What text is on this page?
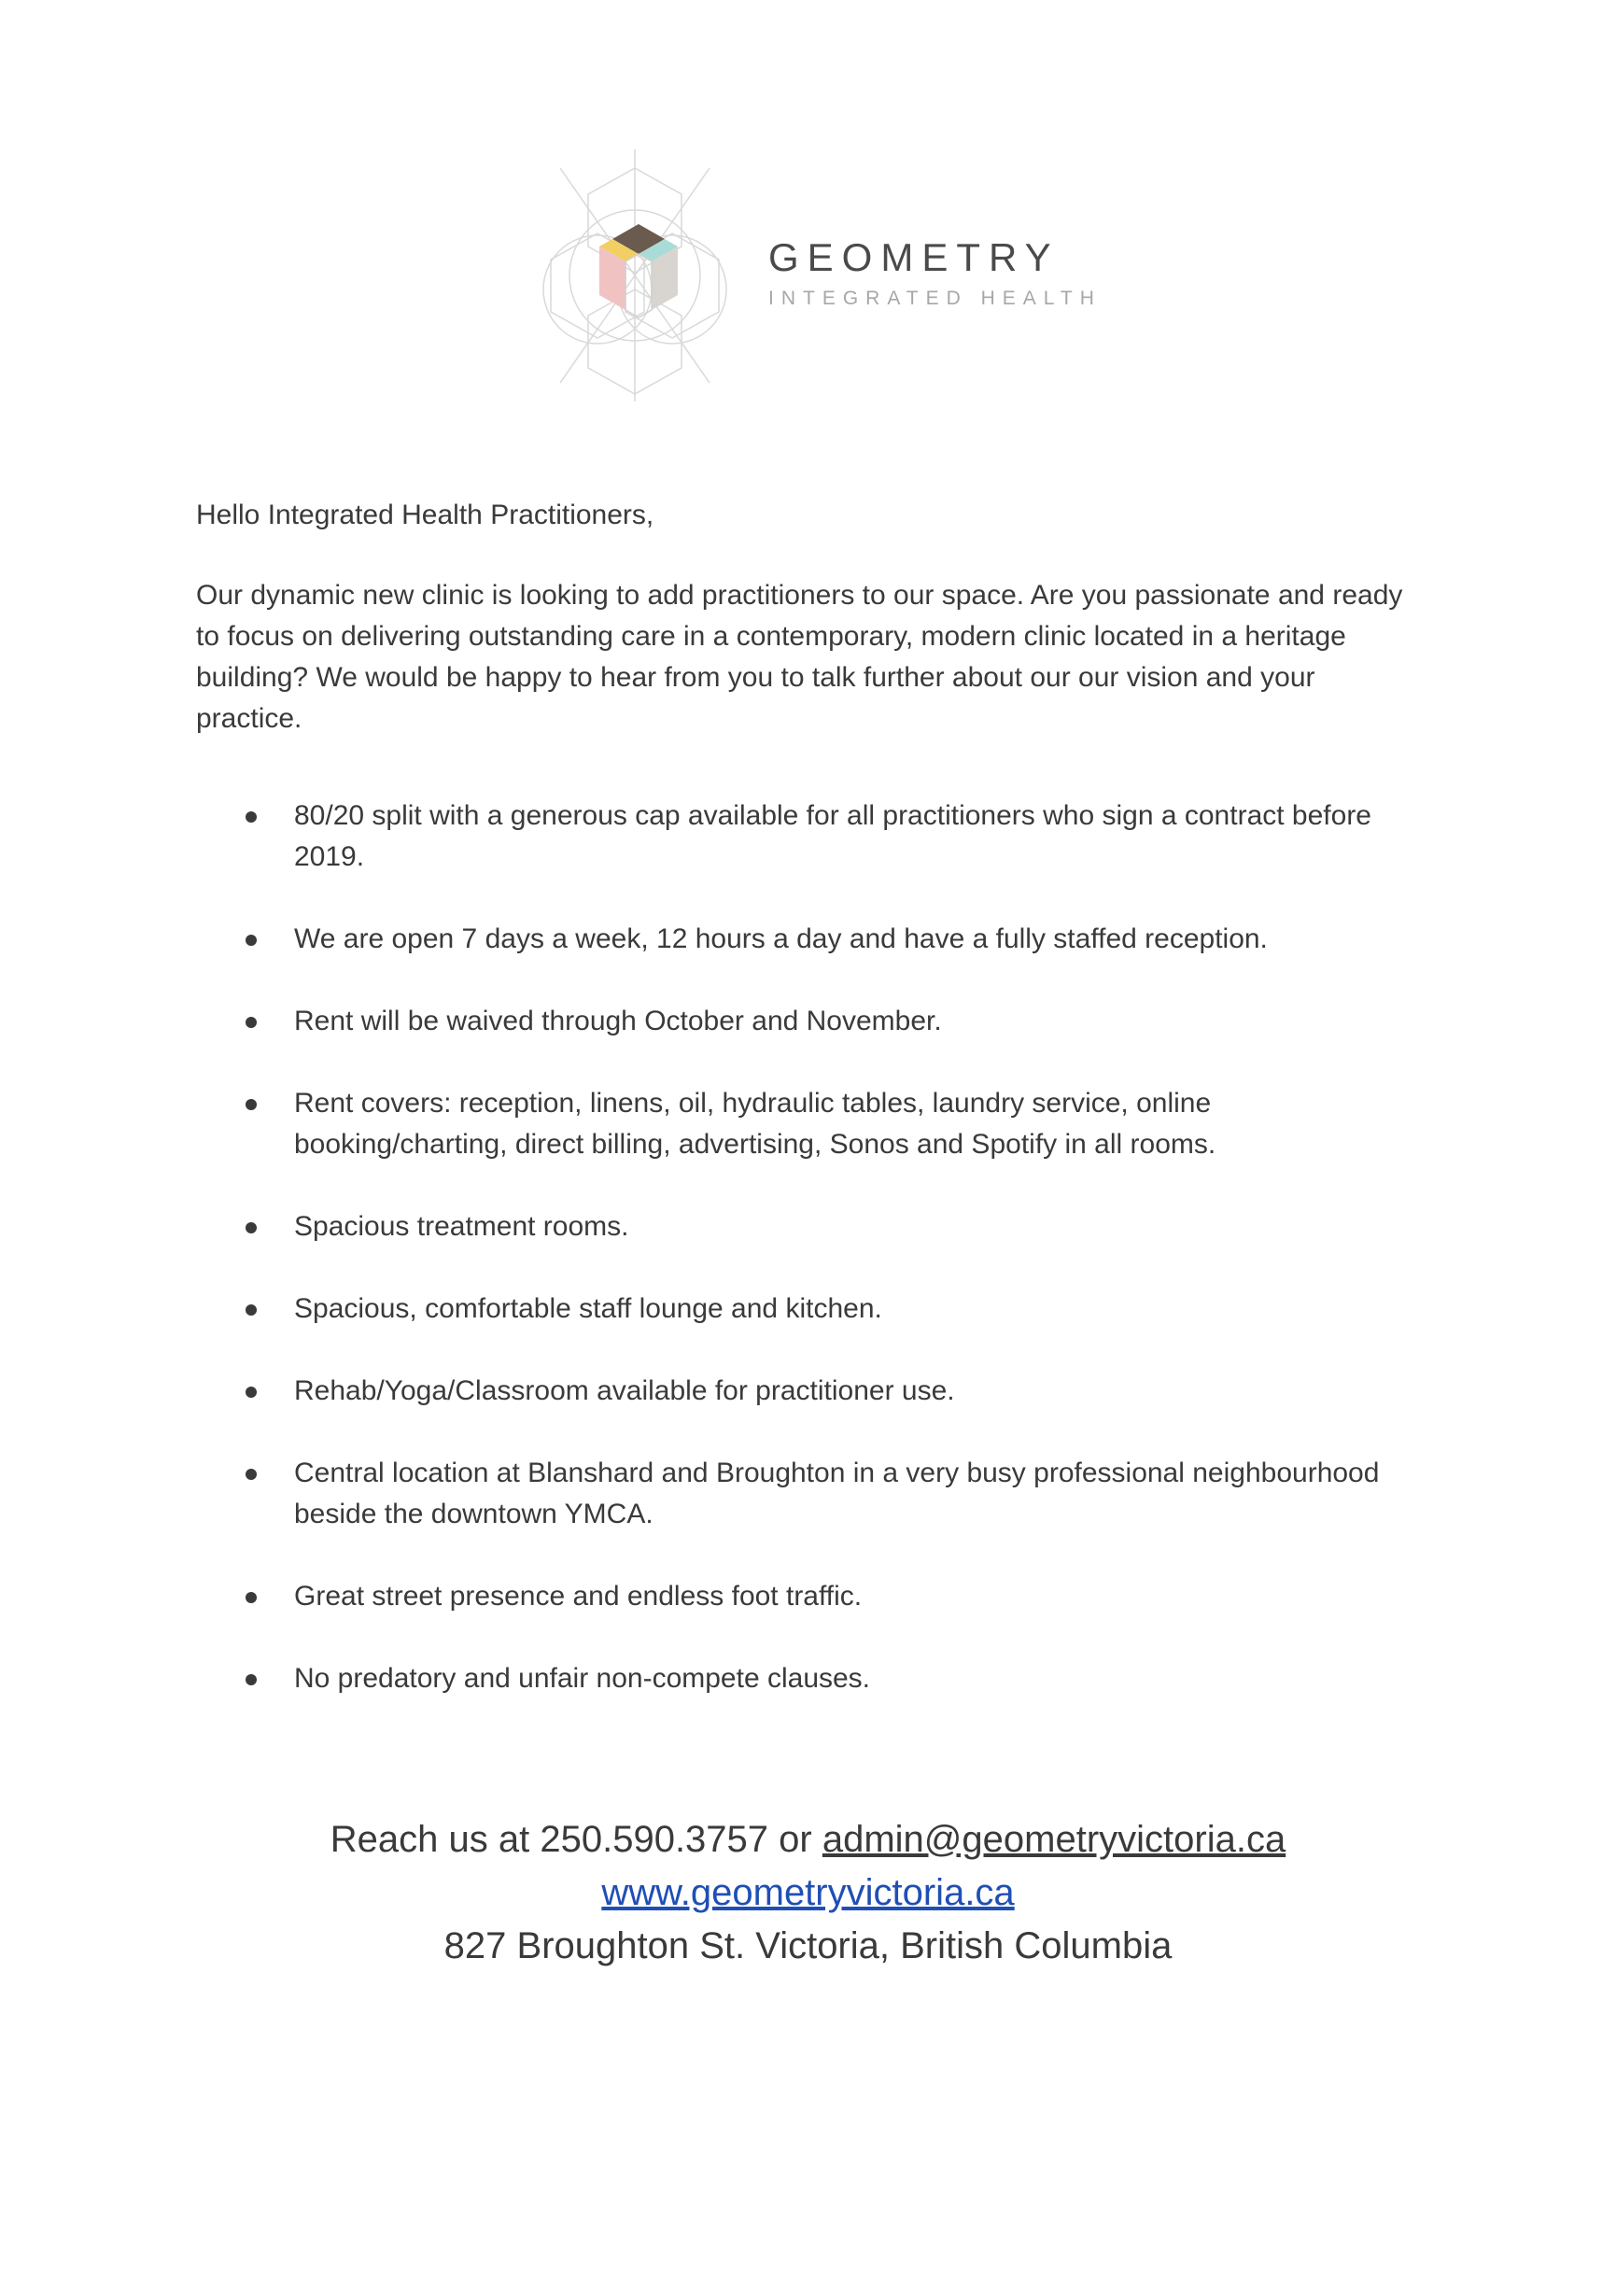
GEOMETRY
INTEGRATED HEALTH

Hello Integrated Health Practitioners,

Our dynamic new clinic is looking to add practitioners to our space. Are you passionate and ready to focus on delivering outstanding care in a contemporary, modern clinic located in a heritage building? We would be happy to hear from you to talk further about our our vision and your practice.

80/20 split with a generous cap available for all practitioners who sign a contract before 2019.
We are open 7 days a week, 12 hours a day and have a fully staffed reception.
Rent will be waived through October and November.
Rent covers: reception, linens, oil, hydraulic tables, laundry service, online booking/charting, direct billing, advertising, Sonos and Spotify in all rooms.
Spacious treatment rooms.
Spacious, comfortable staff lounge and kitchen.
Rehab/Yoga/Classroom available for practitioner use.
Central location at Blanshard and Broughton in a very busy professional neighbourhood beside the downtown YMCA.
Great street presence and endless foot traffic.
No predatory and unfair non-compete clauses.
Reach us at 250.590.3757 or admin@geometryvictoria.ca
www.geometryvictoria.ca
827 Broughton St. Victoria, British Columbia
